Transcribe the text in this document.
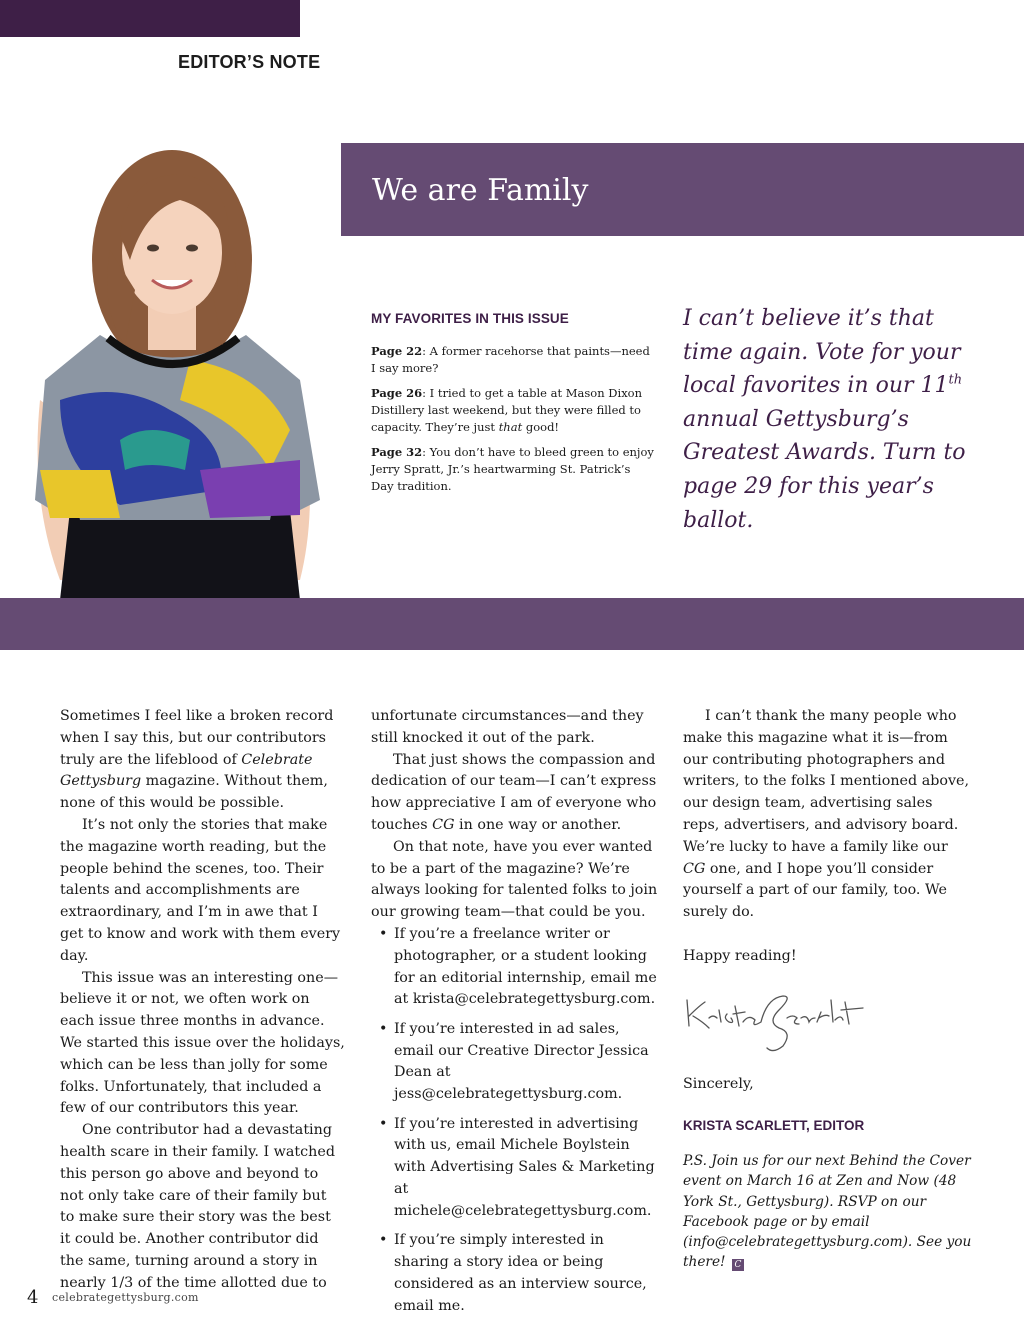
EDITOR’S NOTE
We are Family
MY FAVORITES IN THIS ISSUE

Page 22: A former racehorse that paints—need I say more?

Page 26: I tried to get a table at Mason Dixon Distillery last weekend, but they were filled to capacity. They’re just that good!

Page 32: You don’t have to bleed green to enjoy Jerry Spratt, Jr.’s heartwarming St. Patrick’s Day tradition.

I can’t believe it’s that time again. Vote for your local favorites in our 11th annual Gettysburg’s Greatest Awards. Turn to page 29 for this year’s ballot.

Sometimes I feel like a broken record when I say this, but our contributors truly are the lifeblood of Celebrate Gettysburg magazine. Without them, none of this would be possible.

It’s not only the stories that make the magazine worth reading, but the people behind the scenes, too. Their talents and accomplishments are extraordinary, and I’m in awe that I get to know and work with them every day.

This issue was an interesting one—believe it or not, we often work on each issue three months in advance. We started this issue over the holidays, which can be less than jolly for some folks. Unfortunately, that included a few of our contributors this year.

One contributor had a devastating health scare in their family. I watched this person go above and beyond to not only take care of their family but to make sure their story was the best it could be. Another contributor did the same, turning around a story in nearly 1/3 of the time allotted due to

unfortunate circumstances—and they still knocked it out of the park.

That just shows the compassion and dedication of our team—I can’t express how appreciative I am of everyone who touches CG in one way or another.

On that note, have you ever wanted to be a part of the magazine? We’re always looking for talented folks to join our growing team—that could be you.

• If you’re a freelance writer or photographer, or a student looking for an editorial internship, email me at krista@celebrategettysburg.com.
• If you’re interested in ad sales, email our Creative Director Jessica Dean at jess@celebrategettysburg.com.
• If you’re interested in advertising with us, email Michele Boylstein with Advertising Sales & Marketing at michele@celebrategettysburg.com.
• If you’re simply interested in sharing a story idea or being considered as an interview source, email me.

I can’t thank the many people who make this magazine what it is—from our contributing photographers and writers, to the folks I mentioned above, our design team, advertising sales reps, advertisers, and advisory board. We’re lucky to have a family like our CG one, and I hope you’ll consider yourself a part of our family, too. We surely do.

Happy reading!

Sincerely,

KRISTA SCARLETT, EDITOR
P.S. Join us for our next Behind the Cover event on March 16 at Zen and Now (48 York St., Gettysburg). RSVP on our Facebook page or by email (info@celebrategettysburg.com). See you there! C
4 celebrategettysburg.com
